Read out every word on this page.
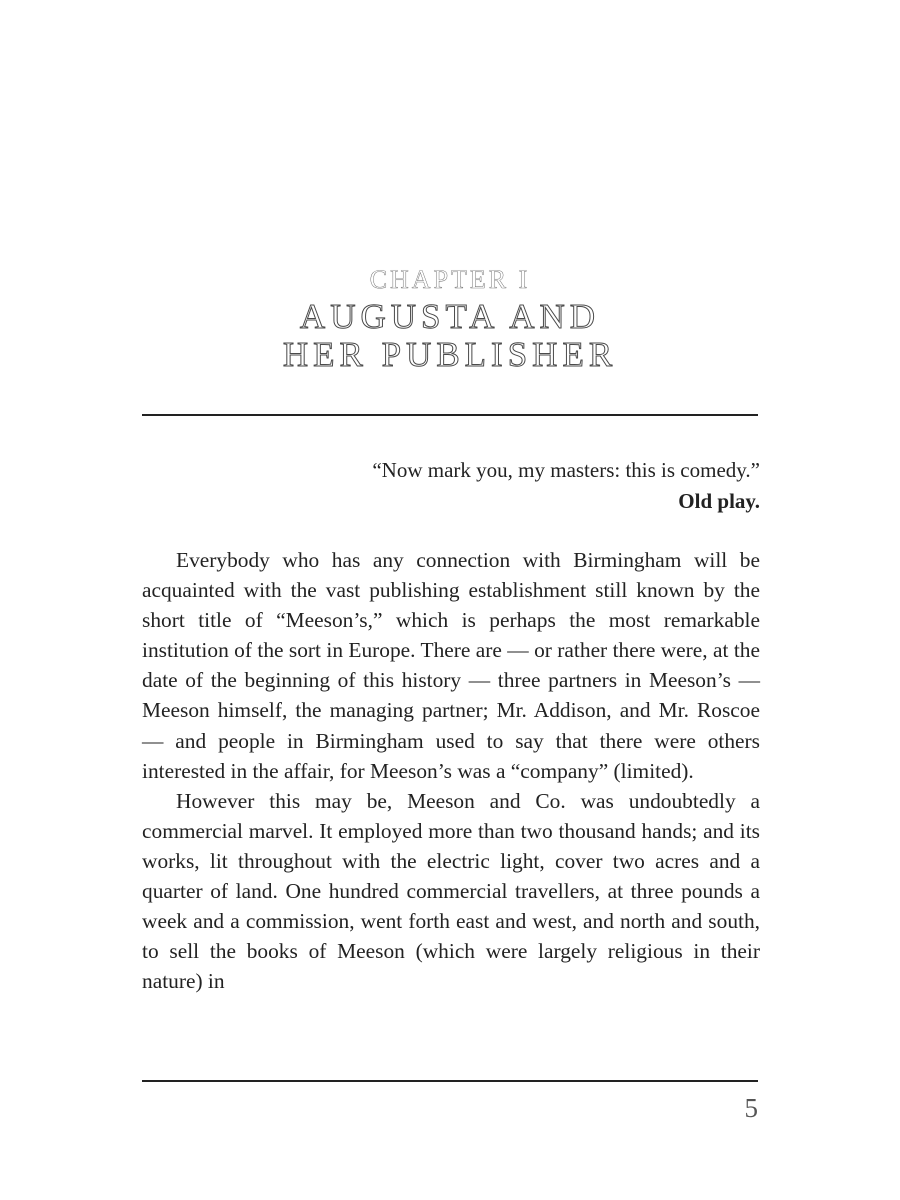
CHAPTER I
AUGUSTA AND HER PUBLISHER
“Now mark you, my masters: this is comedy.”
Old play.

Everybody who has any connection with Birmingham will be acquainted with the vast publishing establishment still known by the short title of “Meeson’s,” which is perhaps the most remarkable institution of the sort in Europe. There are — or rather there were, at the date of the beginning of this history — three partners in Meeson’s — Meeson himself, the managing partner; Mr. Addison, and Mr. Roscoe — and people in Birmingham used to say that there were others interested in the affair, for Meeson’s was a “company” (limited).

However this may be, Meeson and Co. was undoubtedly a commercial marvel. It employed more than two thousand hands; and its works, lit throughout with the electric light, cover two acres and a quarter of land. One hundred commercial travellers, at three pounds a week and a commission, went forth east and west, and north and south, to sell the books of Meeson (which were largely religious in their nature) in

5
